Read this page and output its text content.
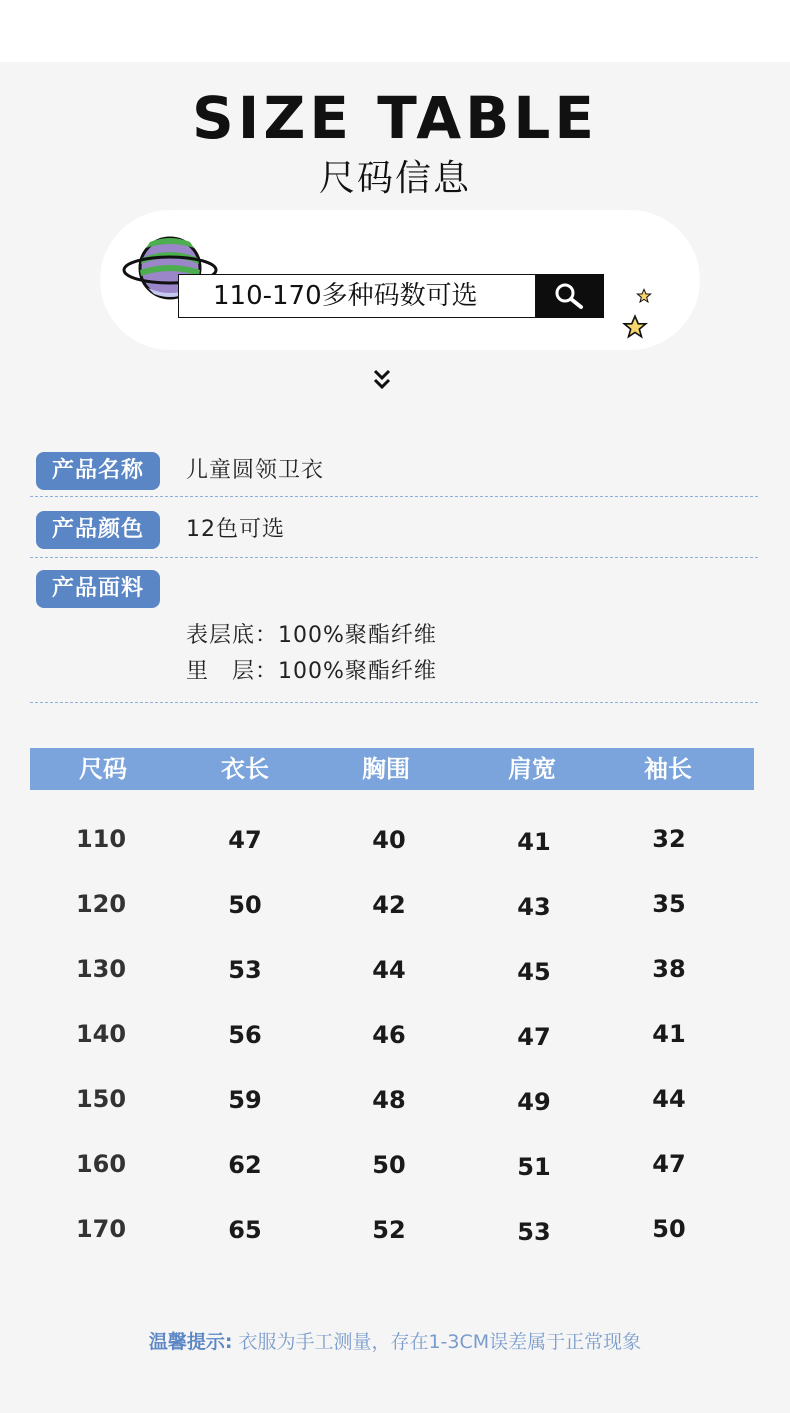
SIZE TABLE
尺码信息
110-170多种码数可选
产品名称	儿童圆领卫衣
产品颜色	12色可选
产品面料
表层底：100%聚酯纤维
里　层：100%聚酯纤维
尺码	衣长	胸围	肩宽	袖长
110	47	40	41	32
120	50	42	43	35
130	53	44	45	38
140	56	46	47	41
150	59	48	49	44
160	62	50	51	47
170	65	52	53	50
温馨提示: 衣服为手工测量，存在1-3CM误差属于正常现象
